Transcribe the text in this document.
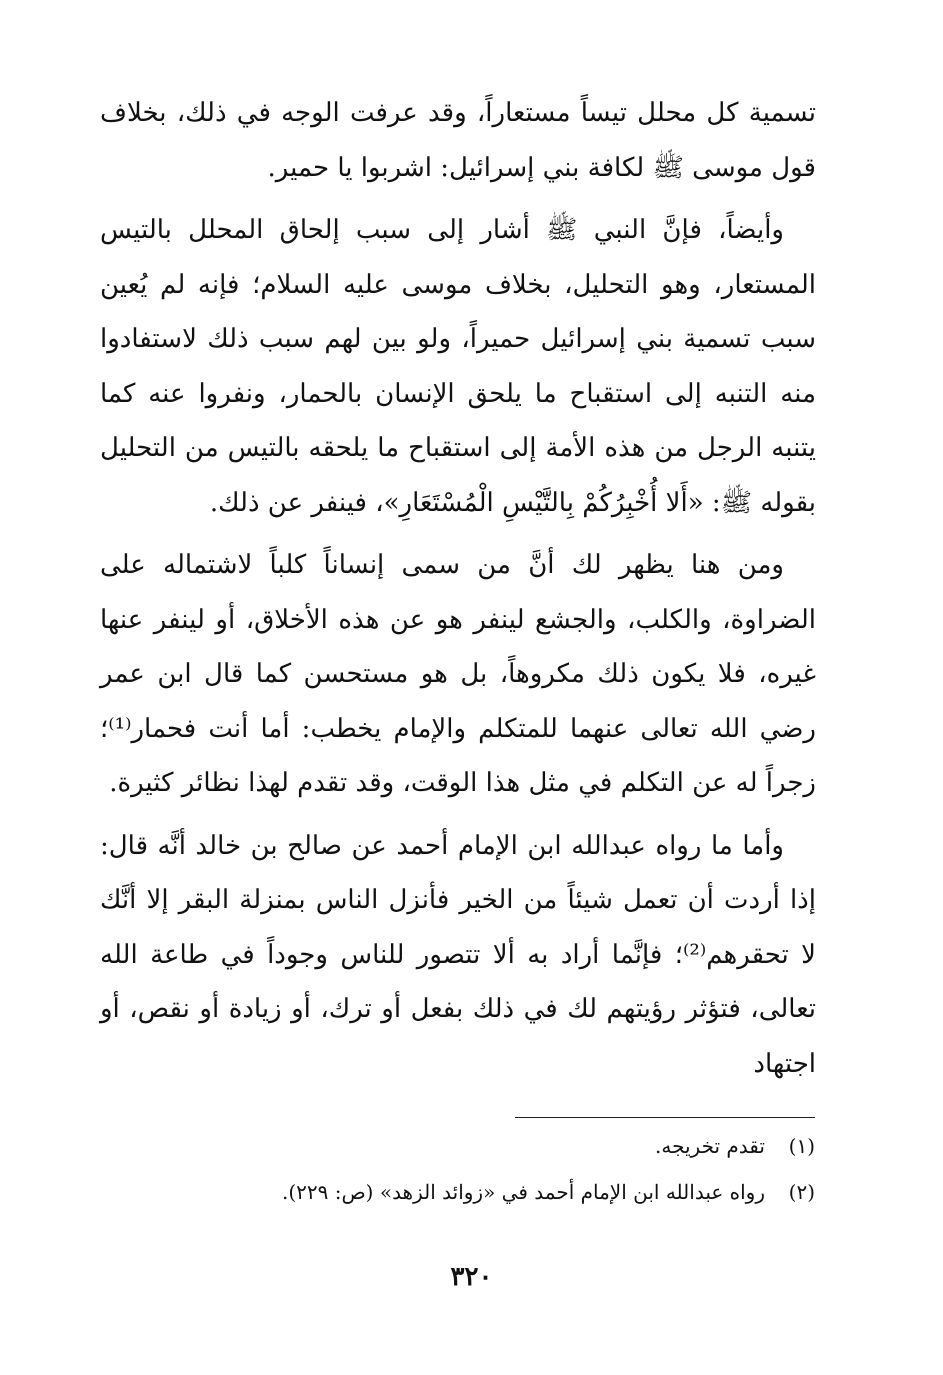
تسمية كل محلل تيساً مستعاراً، وقد عرفت الوجه في ذلك، بخلاف قول موسى ﷺ لكافة بني إسرائيل: اشربوا يا حمير.

وأيضاً، فإنَّ النبي ﷺ أشار إلى سبب إلحاق المحلل بالتيس المستعار، وهو التحليل، بخلاف موسى عليه السلام؛ فإنه لم يُعين سبب تسمية بني إسرائيل حميراً، ولو بين لهم سبب ذلك لاستفادوا منه التنبه إلى استقباح ما يلحق الإنسان بالحمار، ونفروا عنه كما يتنبه الرجل من هذه الأمة إلى استقباح ما يلحقه بالتيس من التحليل بقوله ﷺ: «أَلا أُخْبِرُكُمْ بِالتَّيْسِ الْمُسْتَعَارِ»، فينفر عن ذلك.

ومن هنا يظهر لك أنَّ من سمى إنساناً كلباً لاشتماله على الضراوة، والكلب، والجشع لينفر هو عن هذه الأخلاق، أو لينفر عنها غيره، فلا يكون ذلك مكروهاً، بل هو مستحسن كما قال ابن عمر رضي الله تعالى عنهما للمتكلم والإمام يخطب: أما أنت فحمار⁽¹⁾؛ زجراً له عن التكلم في مثل هذا الوقت، وقد تقدم لهذا نظائر كثيرة.

وأما ما رواه عبدالله ابن الإمام أحمد عن صالح بن خالد أنَّه قال: إذا أردت أن تعمل شيئاً من الخير فأنزل الناس بمنزلة البقر إلا أنَّك لا تحقرهم⁽²⁾؛ فإنَّما أراد به ألا تتصور للناس وجوداً في طاعة الله تعالى، فتؤثر رؤيتهم لك في ذلك بفعل أو ترك، أو زيادة أو نقص، أو اجتهاد

(١)
تقدم تخريجه.
(٢)
رواه عبدالله ابن الإمام أحمد في «زوائد الزهد» (ص: ٢٢٩).
٣٢٠
